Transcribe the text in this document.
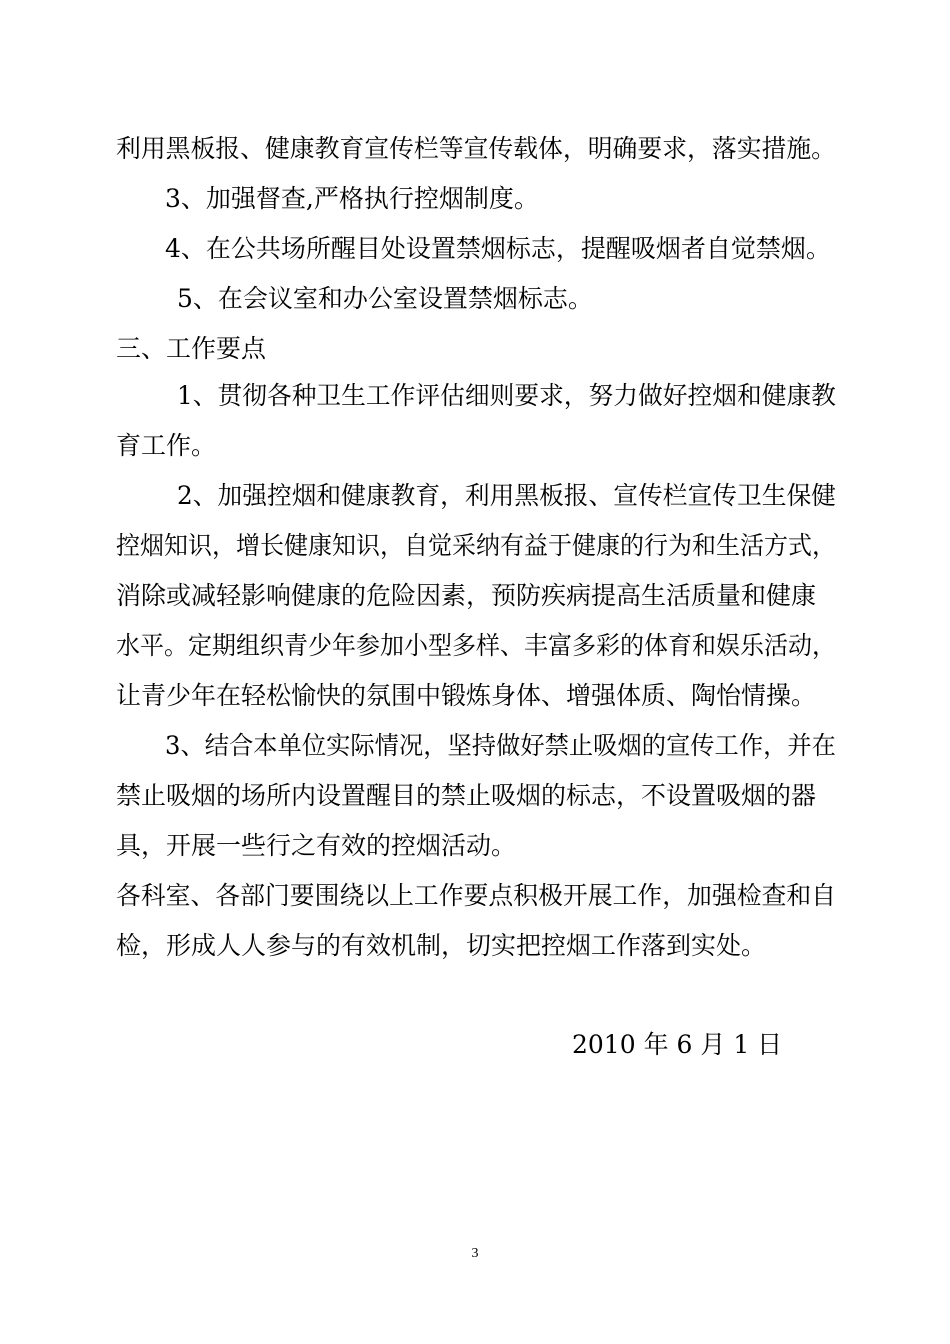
利用黑板报、健康教育宣传栏等宣传载体，明确要求，落实措施。
3、加强督查,严格执行控烟制度。
4、在公共场所醒目处设置禁烟标志，提醒吸烟者自觉禁烟。
5、在会议室和办公室设置禁烟标志。
三、工作要点
1、贯彻各种卫生工作评估细则要求，努力做好控烟和健康教
育工作。
2、加强控烟和健康教育，利用黑板报、宣传栏宣传卫生保健
控烟知识，增长健康知识，自觉采纳有益于健康的行为和生活方式，
消除或减轻影响健康的危险因素，预防疾病提高生活质量和健康
水平。定期组织青少年参加小型多样、丰富多彩的体育和娱乐活动，
让青少年在轻松愉快的氛围中锻炼身体、增强体质、陶怡情操。
3、结合本单位实际情况，坚持做好禁止吸烟的宣传工作，并在
禁止吸烟的场所内设置醒目的禁止吸烟的标志，不设置吸烟的器
具，开展一些行之有效的控烟活动。
各科室、各部门要围绕以上工作要点积极开展工作，加强检查和自
检，形成人人参与的有效机制，切实把控烟工作落到实处。
2010 年 6 月 1 日
3
